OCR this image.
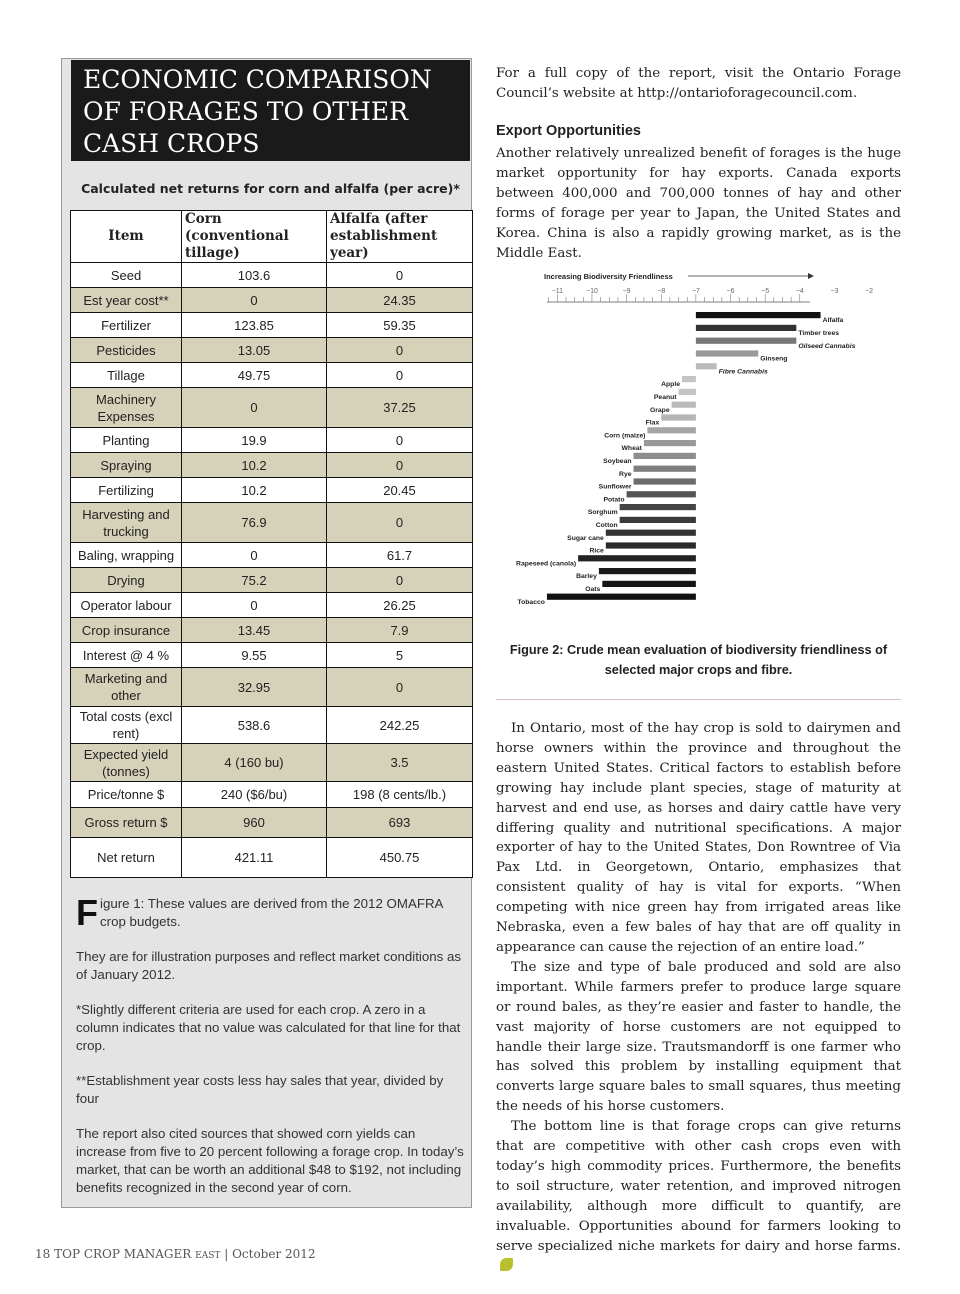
ECONOMIC COMPARISON
OF FORAGES TO OTHER
CASH CROPS
Calculated net returns for corn and alfalfa (per acre)*
Item	Corn (conventional tillage)	Alfalfa (after establishment year)
Seed	103.6	0
Est year cost**	0	24.35
Fertilizer	123.85	59.35
Pesticides	13.05	0
Tillage	49.75	0
Machinery Expenses	0	37.25
Planting	19.9	0
Spraying	10.2	0
Fertilizing	10.2	20.45
Harvesting and trucking	76.9	0
Baling, wrapping	0	61.7
Drying	75.2	0
Operator labour	0	26.25
Crop insurance	13.45	7.9
Interest @ 4 %	9.55	5
Marketing and other	32.95	0
Total costs (excl rent)	538.6	242.25
Expected yield (tonnes)	4 (160 bu)	3.5
Price/tonne $	240 ($6/bu)	198 (8 cents/lb.)
Gross return $	960	693
Net return	421.11	450.75

Figure 1: These values are derived from the 2012 OMAFRA crop budgets.

They are for illustration purposes and reflect market conditions as of January 2012.

*Slightly different criteria are used for each crop. A zero in a column indicates that no value was calculated for that line for that crop.

**Establishment year costs less hay sales that year, divided by four

The report also cited sources that showed corn yields can increase from five to 20 percent following a forage crop. In today’s market, that can be worth an additional $48 to $192, not including benefits recognized in the second year of corn.

For a full copy of the report, visit the Ontario Forage Council’s website at http://ontarioforagecouncil.com.

Export Opportunities

Another relatively unrealized benefit of forages is the huge market opportunity for hay exports. Canada exports between 400,000 and 700,000 tonnes of hay and other forms of forage per year to Japan, the United States and Korea. China is also a rapidly growing market, as is the Middle East.

Increasing Biodiversity Friendliness
−11	−10	−9	−8	−7	−6	−5	−4	−3	−2
Alfalfa
Timber trees
Oilseed Cannabis
Ginseng
Fibre Cannabis
Apple
Peanut
Grape
Flax
Corn (maize)
Wheat
Soybean
Rye
Sunflower
Potato
Sorghum
Cotton
Sugar cane
Rice
Rapeseed (canola)
Barley
Oats
Tobacco
Figure 2: Crude mean evaluation of biodiversity friendliness of
selected major crops and fibre.

In Ontario, most of the hay crop is sold to dairymen and horse owners within the province and throughout the eastern United States. Critical factors to establish before growing hay include plant species, stage of maturity at harvest and end use, as horses and dairy cattle have very differing quality and nutritional specifications. A major exporter of hay to the United States, Don Rowntree of Via Pax Ltd. in Georgetown, Ontario, emphasizes that consistent quality of hay is vital for exports. “When competing with nice green hay from irrigated areas like Nebraska, even a few bales of hay that are off quality in appearance can cause the rejection of an entire load.”

The size and type of bale produced and sold are also important. While farmers prefer to produce large square or round bales, as they’re easier and faster to handle, the vast majority of horse customers are not equipped to handle their large size. Trautsmandorff is one farmer who has solved this problem by installing equipment that converts large square bales to small squares, thus meeting the needs of his horse customers.

The bottom line is that forage crops can give returns that are competitive with other cash crops even with today’s high commodity prices. Furthermore, the benefits to soil structure, water retention, and improved nitrogen availability, although more difficult to quantify, are invaluable. Opportunities abound for farmers looking to serve specialized niche markets for dairy and horse farms.

18 TOP CROP MANAGER EAST | October 2012
